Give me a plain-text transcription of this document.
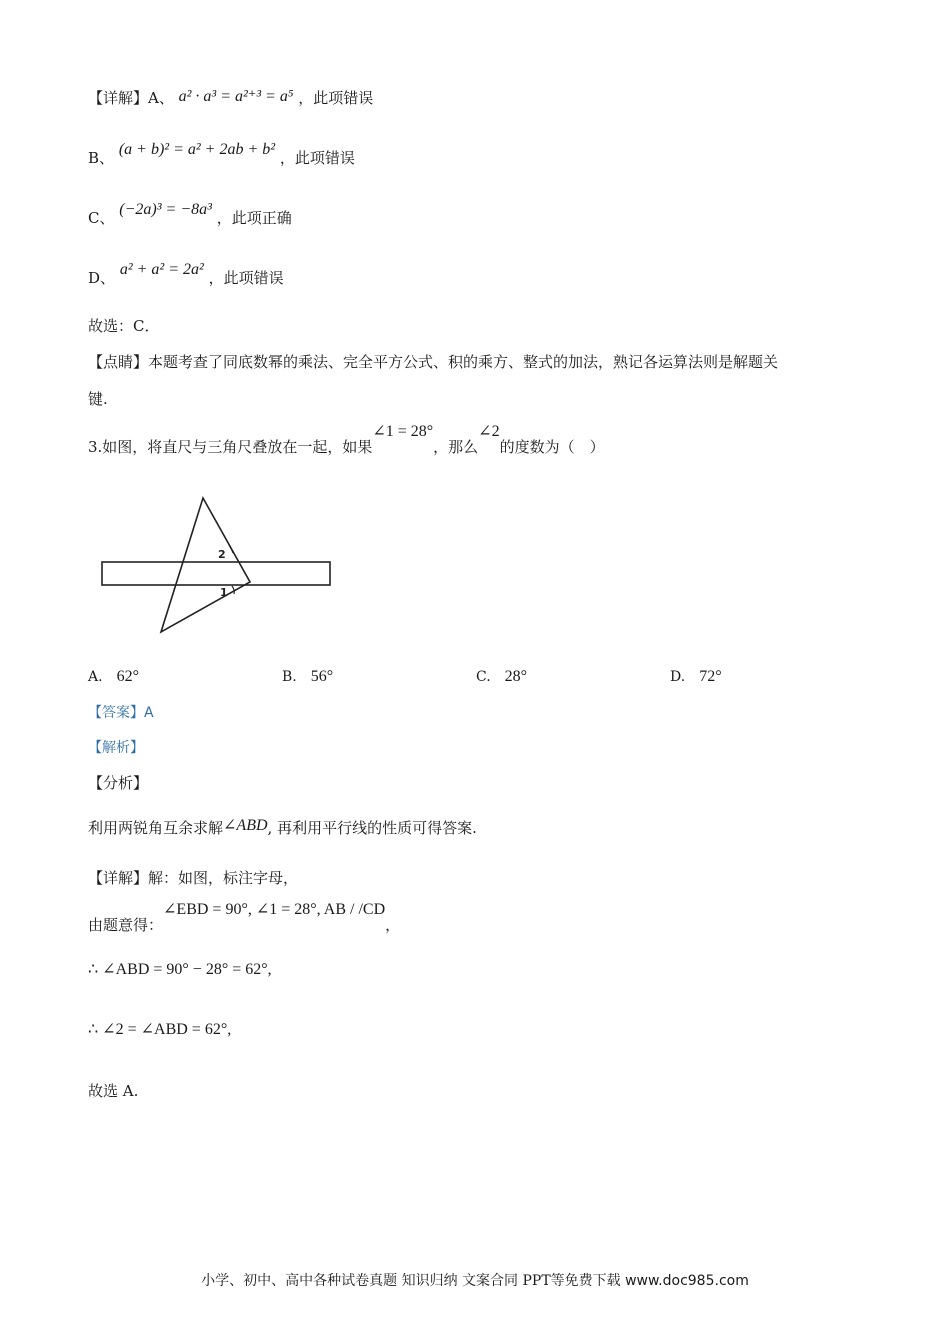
【详解】A、 a² · a³ = a²⁺³ = a⁵ ，此项错误
B、 (a + b)² = a² + 2ab + b² ，此项错误
C、 (−2a)³ = −8a³ ，此项正确
D、 a² + a² = 2a² ，此项错误
故选：C．
【点睛】本题考查了同底数幂的乘法、完全平方公式、积的乘方、整式的加法，熟记各运算法则是解题关
键.
3.如图，将直尺与三角尺叠放在一起，如果∠1 = 28°，那么∠2的度数为（　）
2
1
A. 62°	B. 56°	C. 28°	D. 72°
【答案】A
【解析】
【分析】
利用两锐角互余求解∠ABD, 再利用平行线的性质可得答案.
【详解】解：如图，标注字母，
由题意得：∠EBD = 90°, ∠1 = 28°, AB / /CD，
∴ ∠ABD = 90° − 28° = 62°,
∴ ∠2 = ∠ABD = 62°,
故选 A.
小学、初中、高中各种试卷真题 知识归纳 文案合同 PPT等免费下载 www.doc985.com
